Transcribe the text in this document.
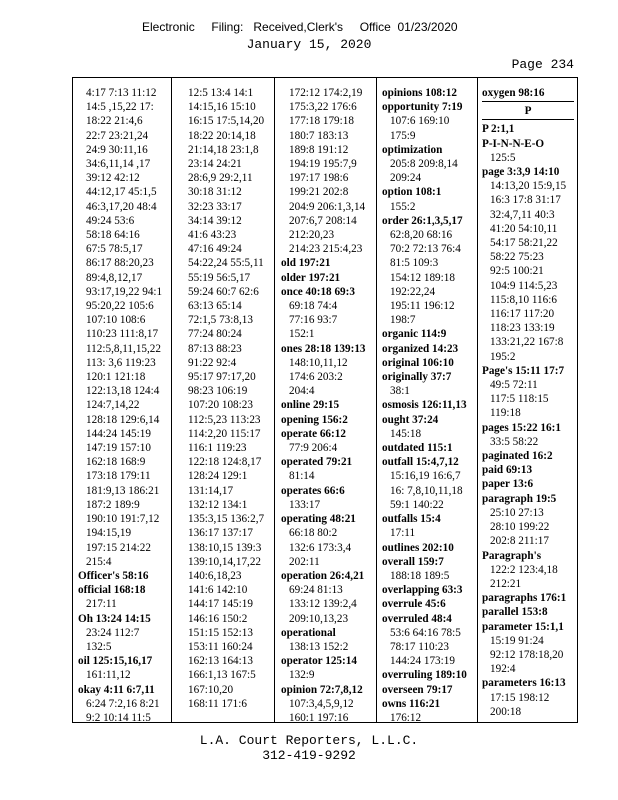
Electronic     Filing:   Received,Clerk's     Office  01/23/2020
January 15, 2020
Page 234
4:17 7:13 11:12
14:5 ,15,22 17:
18:22 21:4,6
22:7 23:21,24
24:9 30:11,16
34:6,11,14 ,17
39:12 42:12
44:12,17 45:1,5
46:3,17,20 48:4
49:24 53:6
58:18 64:16
67:5 78:5,17
86:17 88:20,23
89:4,8,12,17
93:17,19,22 94:1
95:20,22 105:6
107:10 108:6
110:23 111:8,17
112:5,8,11,15,22
113: 3,6 119:23
120:1 121:18
122:13,18 124:4
124:7,14,22
128:18 129:6,14
144:24 145:19
147:19 157:10
162:18 168:9
173:18 179:11
181:9,13 186:21
187:2 189:9
190:10 191:7,12
194:15,19
197:15 214:22
215:4
Officer's 58:16
official 168:18
217:11
Oh 13:24 14:15
23:24 112:7
132:5
oil 125:15,16,17
161:11,12
okay 4:11 6:7,11
6:24 7:2,16 8:21
9:2 10:14 11:5
12:5 13:4 14:1
14:15,16 15:10
16:15 17:5,14,20
18:22 20:14,18
21:14,18 23:1,8
23:14 24:21
28:6,9 29:2,11
30:18 31:12
32:23 33:17
34:14 39:12
41:6 43:23
47:16 49:24
54:22,24 55:5,11
55:19 56:5,17
59:24 60:7 62:6
63:13 65:14
72:1,5 73:8,13
77:24 80:24
87:13 88:23
91:22 92:4
95:17 97:17,20
98:23 106:19
107:20 108:23
112:5,23 113:23
114:2,20 115:17
116:1 119:23
122:18 124:8,17
128:24 129:1
131:14,17
132:12 134:1
135:3,15 136:2,7
136:17 137:17
138:10,15 139:3
139:10,14,17,22
140:6,18,23
141:6 142:10
144:17 145:19
146:16 150:2
151:15 152:13
153:11 160:24
162:13 164:13
166:1,13 167:5
167:10,20
168:11 171:6
172:12 174:2,19
175:3,22 176:6
177:18 179:18
180:7 183:13
189:8 191:12
194:19 195:7,9
197:17 198:6
199:21 202:8
204:9 206:1,3,14
207:6,7 208:14
212:20,23
214:23 215:4,23
old 197:21
older 197:21
once 40:18 69:3
69:18 74:4
77:16 93:7
152:1
ones 28:18 139:13
148:10,11,12
174:6 203:2
204:4
online 29:15
opening 156:2
operate 66:12
77:9 206:4
operated 79:21
81:14
operates 66:6
133:17
operating 48:21
66:18 80:2
132:6 173:3,4
202:11
operation 26:4,21
69:24 81:13
133:12 139:2,4
209:10,13,23
operational
138:13 152:2
operator 125:14
132:9
opinion 72:7,8,12
107:3,4,5,9,12
160:1 197:16
opinions 108:12
opportunity 7:19
107:6 169:10
175:9
optimization
205:8 209:8,14
209:24
option 108:1
155:2
order 26:1,3,5,17
62:8,20 68:16
70:2 72:13 76:4
81:5 109:3
154:12 189:18
192:22,24
195:11 196:12
198:7
organic 114:9
organized 14:23
original 106:10
originally 37:7
38:1
osmosis 126:11,13
ought 37:24
145:18
outdated 115:1
outfall 15:4,7,12
15:16,19 16:6,7
16: 7,8,10,11,18
59:1 140:22
outfalls 15:4
17:11
outlines 202:10
overall 159:7
188:18 189:5
overlapping 63:3
overrule 45:6
overruled 48:4
53:6 64:16 78:5
78:17 110:23
144:24 173:19
overruling 189:10
overseen 79:17
owns 116:21
176:12
oxygen 98:16
P
P 2:1,1
P-I-N-N-E-O
125:5
page 3:3,9 14:10
14:13,20 15:9,15
16:3 17:8 31:17
32:4,7,11 40:3
41:20 54:10,11
54:17 58:21,22
58:22 75:23
92:5 100:21
104:9 114:5,23
115:8,10 116:6
116:17 117:20
118:23 133:19
133:21,22 167:8
195:2
Page's 15:11 17:7
49:5 72:11
117:5 118:15
119:18
pages 15:22 16:1
33:5 58:22
paginated 16:2
paid 69:13
paper 13:6
paragraph 19:5
25:10 27:13
28:10 199:22
202:8 211:17
Paragraph's
122:2 123:4,18
212:21
paragraphs 176:1
parallel 153:8
parameter 15:1,1
15:19 91:24
92:12 178:18,20
192:4
parameters 16:13
17:15 198:12
200:18
L.A. Court Reporters, L.L.C.
312-419-9292
